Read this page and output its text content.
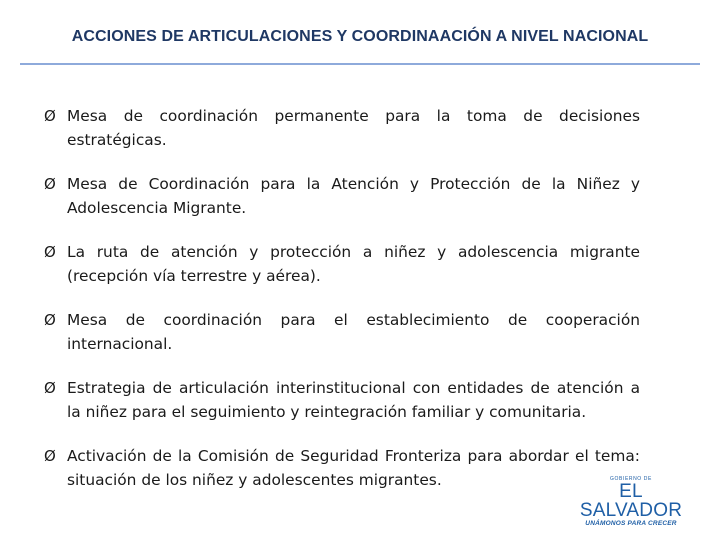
ACCIONES DE ARTICULACIONES Y COORDINAACIÓN A NIVEL NACIONAL
Ø Mesa de coordinación permanente para la toma de decisiones estratégicas.
Ø Mesa de Coordinación para la Atención y Protección de la Niñez y Adolescencia Migrante.
Ø La ruta de atención y protección a niñez y adolescencia migrante (recepción vía terrestre y aérea).
Ø Mesa de coordinación para el establecimiento de cooperación internacional.
Ø Estrategia de articulación interinstitucional con entidades de atención a la niñez para el seguimiento y reintegración familiar y comunitaria.
Ø Activación de la Comisión de Seguridad Fronteriza para abordar el tema: situación de los niñez y adolescentes migrantes.	GOBIERNO DE
EL SALVADOR
UNÁMONOS PARA CRECER
